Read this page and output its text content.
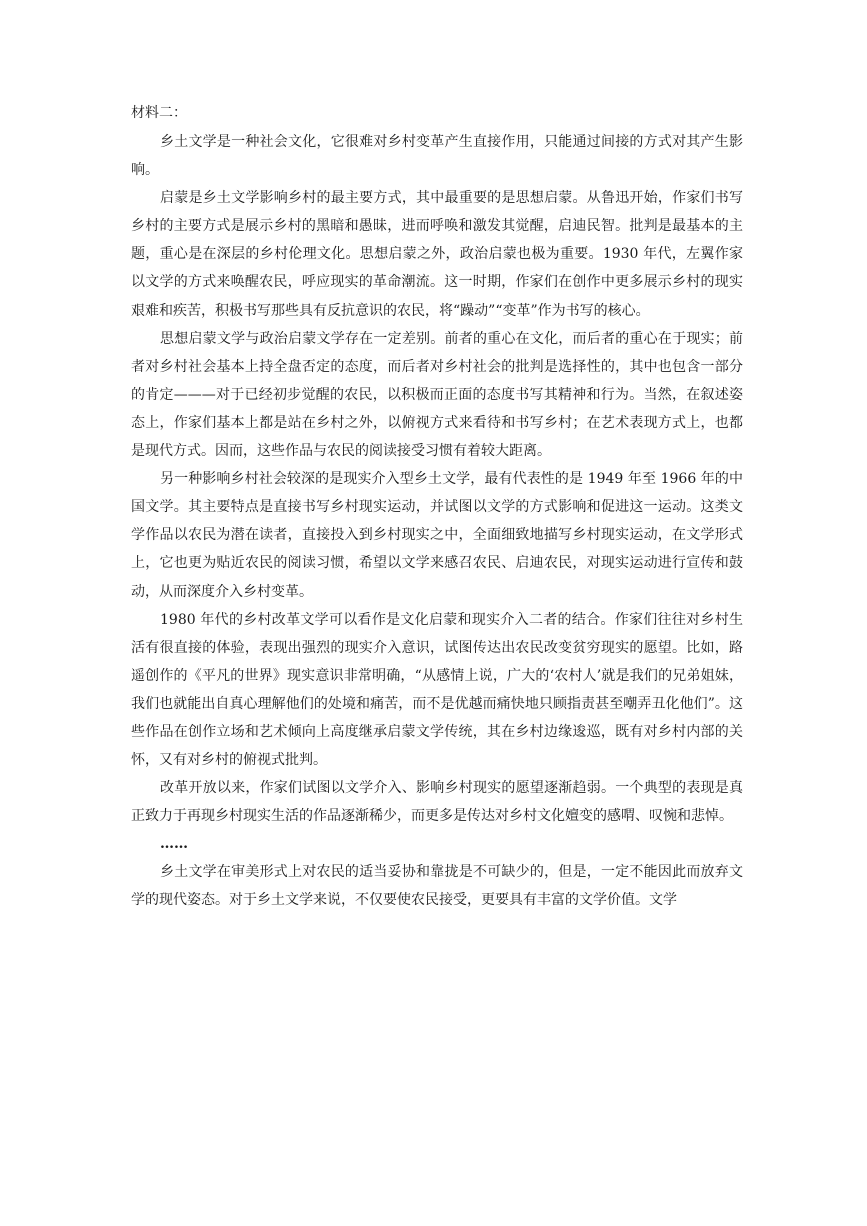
材料二：

乡土文学是一种社会文化，它很难对乡村变革产生直接作用，只能通过间接的方式对其产生影响。

启蒙是乡土文学影响乡村的最主要方式，其中最重要的是思想启蒙。从鲁迅开始，作家们书写乡村的主要方式是展示乡村的黑暗和愚昧，进而呼唤和激发其觉醒，启迪民智。批判是最基本的主题，重心是在深层的乡村伦理文化。思想启蒙之外，政治启蒙也极为重要。1930 年代，左翼作家以文学的方式来唤醒农民，呼应现实的革命潮流。这一时期，作家们在创作中更多展示乡村的现实艰难和疾苦，积极书写那些具有反抗意识的农民，将“躁动”“变革”作为书写的核心。

思想启蒙文学与政治启蒙文学存在一定差别。前者的重心在文化，而后者的重心在于现实；前者对乡村社会基本上持全盘否定的态度，而后者对乡村社会的批判是选择性的，其中也包含一部分的肯定———对于已经初步觉醒的农民，以积极而正面的态度书写其精神和行为。当然，在叙述姿态上，作家们基本上都是站在乡村之外，以俯视方式来看待和书写乡村；在艺术表现方式上，也都是现代方式。因而，这些作品与农民的阅读接受习惯有着较大距离。

另一种影响乡村社会较深的是现实介入型乡土文学，最有代表性的是 1949 年至 1966 年的中国文学。其主要特点是直接书写乡村现实运动，并试图以文学的方式影响和促进这一运动。这类文学作品以农民为潜在读者，直接投入到乡村现实之中，全面细致地描写乡村现实运动，在文学形式上，它也更为贴近农民的阅读习惯，希望以文学来感召农民、启迪农民，对现实运动进行宣传和鼓动，从而深度介入乡村变革。

1980 年代的乡村改革文学可以看作是文化启蒙和现实介入二者的结合。作家们往往对乡村生活有很直接的体验，表现出强烈的现实介入意识，试图传达出农民改变贫穷现实的愿望。比如，路遥创作的《平凡的世界》现实意识非常明确，“从感情上说，广大的‘农村人’就是我们的兄弟姐妹，我们也就能出自真心理解他们的处境和痛苦，而不是优越而痛快地只顾指责甚至嘲弄丑化他们”。这些作品在创作立场和艺术倾向上高度继承启蒙文学传统，其在乡村边缘逡巡，既有对乡村内部的关怀，又有对乡村的俯视式批判。

改革开放以来，作家们试图以文学介入、影响乡村现实的愿望逐渐趋弱。一个典型的表现是真正致力于再现乡村现实生活的作品逐渐稀少，而更多是传达对乡村文化嬗变的感喟、叹惋和悲悼。

……

乡土文学在审美形式上对农民的适当妥协和靠拢是不可缺少的，但是，一定不能因此而放弃文学的现代姿态。对于乡土文学来说，不仅要使农民接受，更要具有丰富的文学价值。文学
